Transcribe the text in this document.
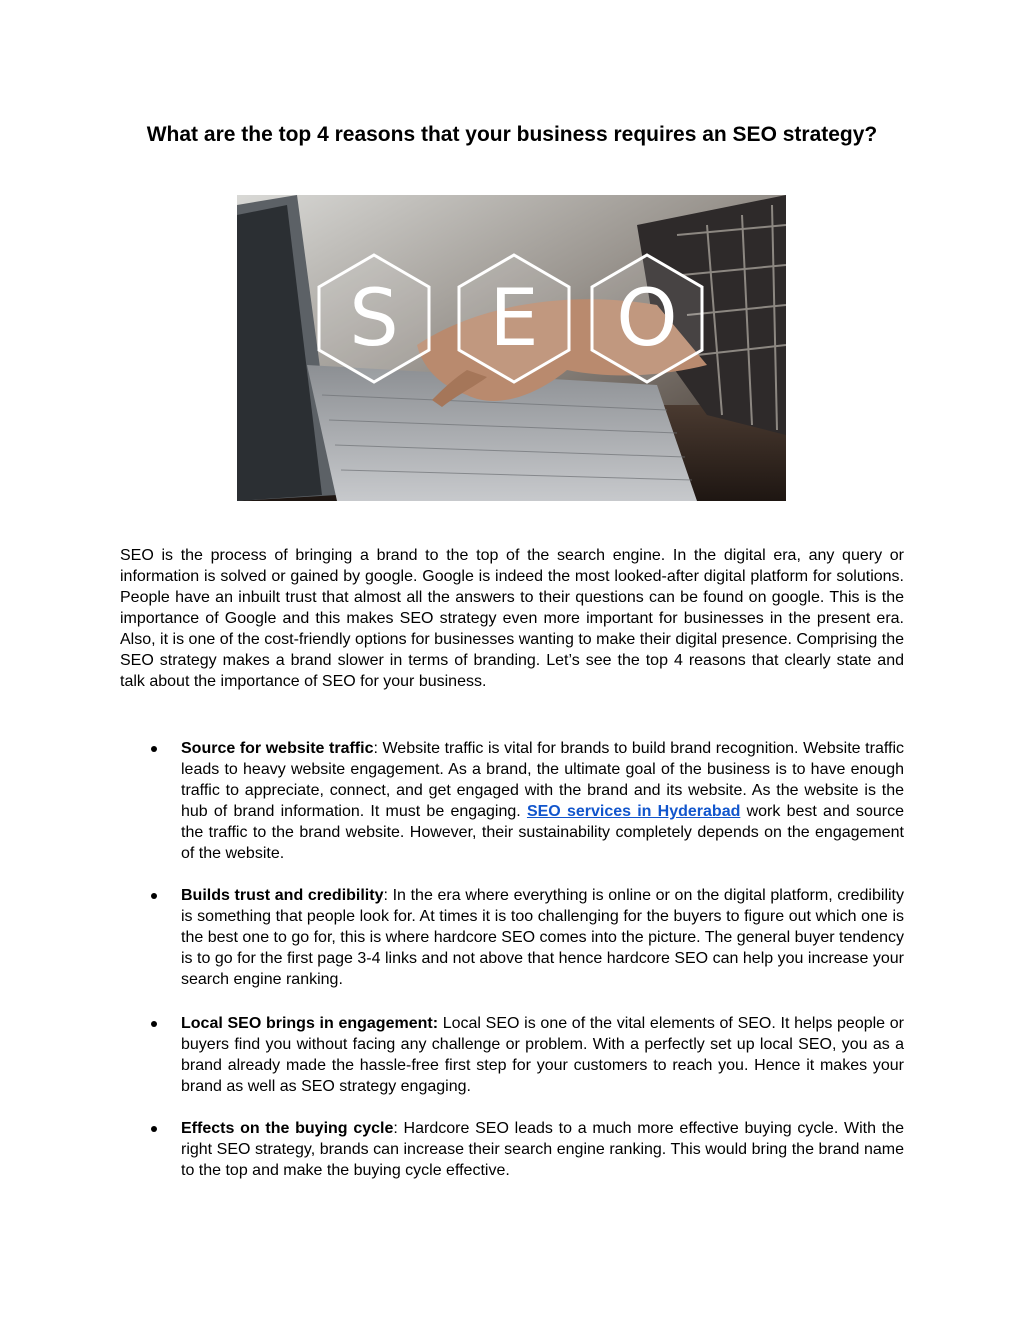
What are the top 4 reasons that your business requires an SEO strategy?
S E O

SEO is the process of bringing a brand to the top of the search engine. In the digital era, any query or information is solved or gained by google. Google is indeed the most looked-after digital platform for solutions. People have an inbuilt trust that almost all the answers to their questions can be found on google. This is the importance of Google and this makes SEO strategy even more important for businesses in the present era. Also, it is one of the cost-friendly options for businesses wanting to make their digital presence. Comprising the SEO strategy makes a brand slower in terms of branding. Let’s see the top 4 reasons that clearly state and talk about the importance of SEO for your business.

Source for website traffic: Website traffic is vital for brands to build brand recognition. Website traffic leads to heavy website engagement. As a brand, the ultimate goal of the business is to have enough traffic to appreciate, connect, and get engaged with the brand and its website. As the website is the hub of brand information. It must be engaging. SEO services in Hyderabad work best and source the traffic to the brand website. However, their sustainability completely depends on the engagement of the website.
Builds trust and credibility: In the era where everything is online or on the digital platform, credibility is something that people look for. At times it is too challenging for the buyers to figure out which one is the best one to go for, this is where hardcore SEO comes into the picture. The general buyer tendency is to go for the first page 3-4 links and not above that hence hardcore SEO can help you increase your search engine ranking.
Local SEO brings in engagement: Local SEO is one of the vital elements of SEO. It helps people or buyers find you without facing any challenge or problem. With a perfectly set up local SEO, you as a brand already made the hassle-free first step for your customers to reach you. Hence it makes your brand as well as SEO strategy engaging.
Effects on the buying cycle: Hardcore SEO leads to a much more effective buying cycle. With the right SEO strategy, brands can increase their search engine ranking. This would bring the brand name to the top and make the buying cycle effective.
